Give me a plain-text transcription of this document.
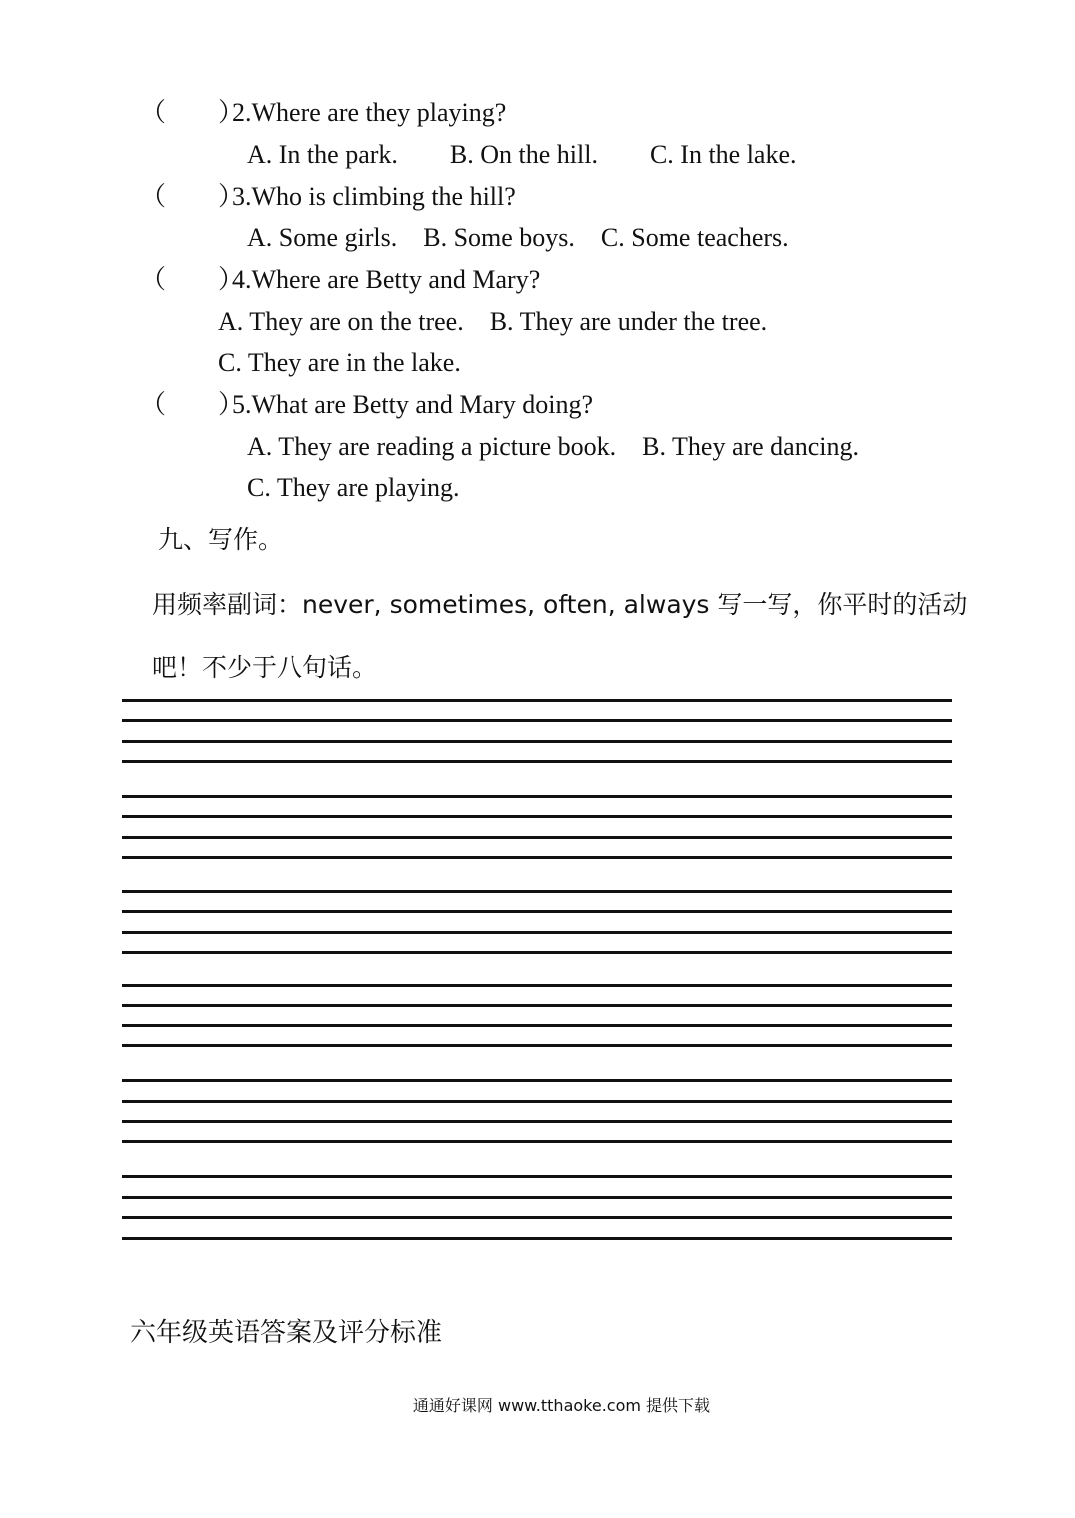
（　　）
2.Where are they playing?
A. In the park.        B. On the hill.        C. In the lake.
（　　）
3.Who is climbing the hill?
A. Some girls.    B. Some boys.    C. Some teachers.
（　　）
4.Where are Betty and Mary?
A. They are on the tree.    B. They are under the tree.
C. They are in the lake.
（　　）
5.What are Betty and Mary doing?
A. They are reading a picture book.    B. They are dancing.
C. They are playing.
九、写作。
用频率副词：never, sometimes, often, always 写一写，你平时的活动
吧！不少于八句话。
六年级英语答案及评分标准
通通好课网 www.tthaoke.com 提供下载
